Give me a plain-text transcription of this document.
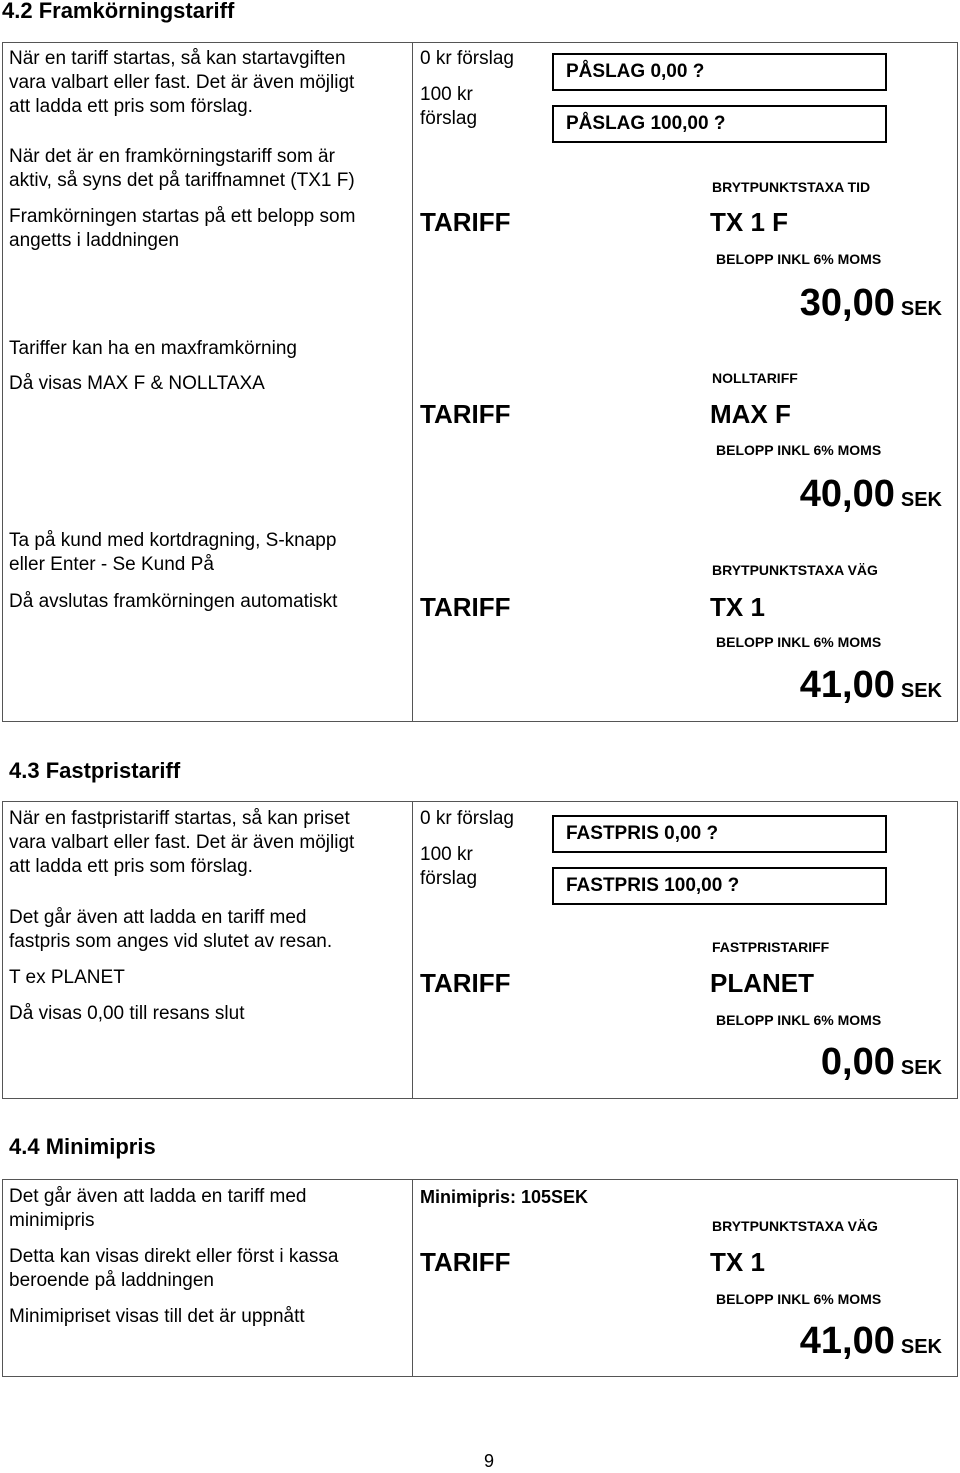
4.2 Framkörningstariff
När en tariff startas, så kan startavgiften
vara valbart eller fast. Det är även möjligt
att ladda ett pris som förslag.
När det är en framkörningstariff som är
aktiv, så syns det på tariffnamnet (TX1 F)
Framkörningen startas på ett belopp som
angetts i laddningen
Tariffer kan ha en maxframkörning
Då visas MAX F & NOLLTAXA
Ta på kund med kortdragning, S-knapp
eller Enter - Se Kund På
Då avslutas framkörningen automatiskt
0 kr förslag
100 kr
förslag
PÅSLAG 0,00 ?
PÅSLAG 100,00 ?
BRYTPUNKTSTAXA TID
TARIFF	TX 1 F
BELOPP INKL 6% MOMS
30,00 SEK
NOLLTARIFF
TARIFF	MAX F
BELOPP INKL 6% MOMS
40,00 SEK
BRYTPUNKTSTAXA VÄG
TARIFF	TX 1
BELOPP INKL 6% MOMS
41,00 SEK
4.3 Fastpristariff
När en fastpristariff startas, så kan priset
vara valbart eller fast. Det är även möjligt
att ladda ett pris som förslag.
Det går även att ladda en tariff med
fastpris som anges vid slutet av resan.
T ex PLANET
Då visas 0,00 till resans slut
0 kr förslag
100 kr
förslag
FASTPRIS 0,00 ?
FASTPRIS 100,00 ?
FASTPRISTARIFF
TARIFF	PLANET
BELOPP INKL 6% MOMS
0,00 SEK
4.4 Minimipris
Det går även att ladda en tariff med
minimipris
Detta kan visas direkt eller först i kassa
beroende på laddningen
Minimipriset visas till det är uppnått
Minimipris: 105SEK
BRYTPUNKTSTAXA VÄG
TARIFF	TX 1
BELOPP INKL 6% MOMS
41,00 SEK
9
